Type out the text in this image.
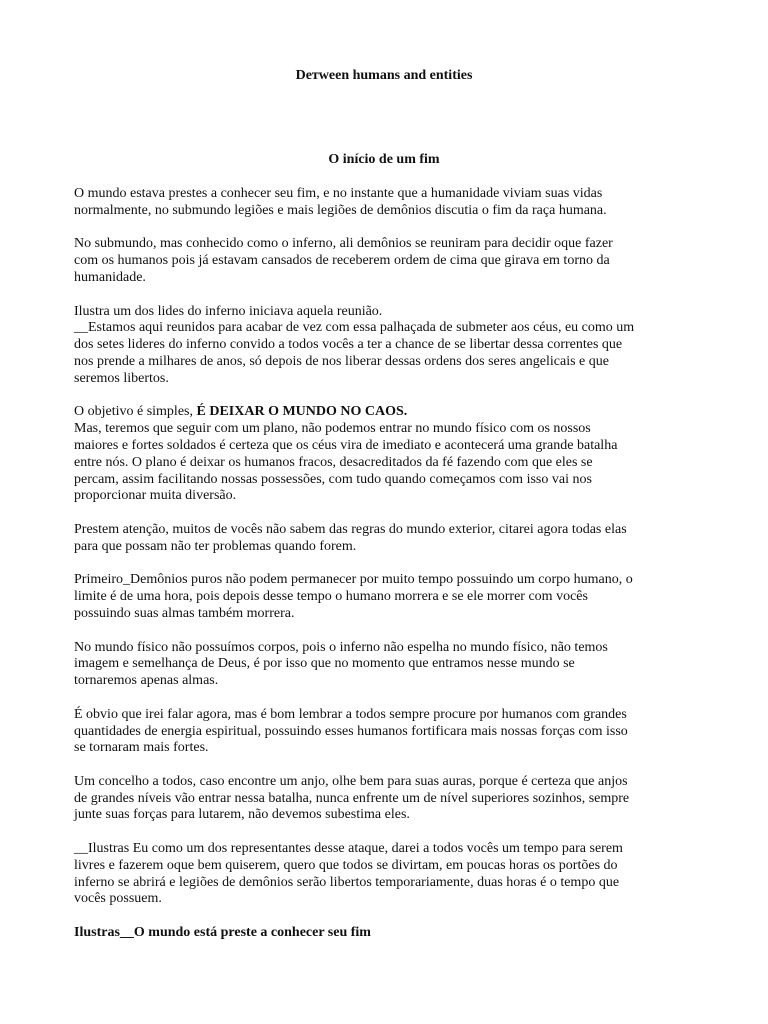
Dетween humans and entities
O início de um fim
O mundo estava prestes a conhecer seu fim, e no instante que a humanidade viviam suas vidas
normalmente, no submundo legiões e mais legiões de demônios discutia o fim da raça humana.
No submundo, mas conhecido como o inferno, ali demônios se reuniram para decidir oque fazer
com os humanos pois já estavam cansados de receberem ordem de cima que girava em torno da
humanidade.
Ilustra um dos lides do inferno iniciava aquela reunião.
__Estamos aqui reunidos para acabar de vez com essa palhaçada de submeter aos céus, eu como um
dos setes lideres do inferno convido a todos vocês a ter a chance de se libertar dessa correntes que
nos prende a milhares de anos, só depois de nos liberar dessas ordens dos seres angelicais e que
seremos libertos.
O objetivo é simples, É DEIXAR O MUNDO NO CAOS.
Mas, teremos que seguir com um plano, não podemos entrar no mundo físico com os nossos
maiores e fortes soldados é certeza que os céus vira de imediato e acontecerá uma grande batalha
entre nós. O plano é deixar os humanos fracos, desacreditados da fé fazendo com que eles se
percam, assim facilitando nossas possessões, com tudo quando começamos com isso vai nos
proporcionar muita diversão.
Prestem atenção, muitos de vocês não sabem das regras do mundo exterior, citarei agora todas elas
para que possam não ter problemas quando forem.
Primeiro_Demônios puros não podem permanecer por muito tempo possuindo um corpo humano, o
limite é de uma hora, pois depois desse tempo o humano morrera e se ele morrer com vocês
possuindo suas almas também morrera.
No mundo físico não possuímos corpos, pois o inferno não espelha no mundo físico, não temos
imagem e semelhança de Deus, é por isso que no momento que entramos nesse mundo se
tornaremos apenas almas.
É obvio que irei falar agora, mas é bom lembrar a todos sempre procure por humanos com grandes
quantidades de energia espiritual, possuindo esses humanos fortificara mais nossas forças com isso
se tornaram mais fortes.
Um concelho a todos, caso encontre um anjo, olhe bem para suas auras, porque é certeza que anjos
de grandes níveis vão entrar nessa batalha, nunca enfrente um de nível superiores sozinhos, sempre
junte suas forças para lutarem, não devemos subestima eles.
__Ilustras Eu como um dos representantes desse ataque, darei a todos vocês um tempo para serem
livres e fazerem oque bem quiserem, quero que todos se divirtam, em poucas horas os portões do
inferno se abrirá e legiões de demônios serão libertos temporariamente, duas horas é o tempo que
vocês possuem.
Ilustras__O mundo está preste a conhecer seu fim
